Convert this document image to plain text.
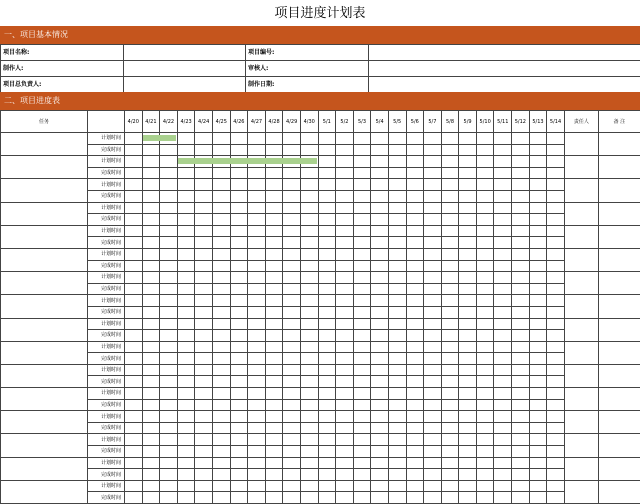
项目进度计划表
一、项目基本情况
项目名称:		项目编号:	
制作人:		审核人:	
项目总负责人:		制作日期:	
二、项目进度表
任务		4/20	4/21	4/22	4/23	4/24	4/25	4/26	4/27	4/28	4/29	4/30	5/1	5/2	5/3	5/4	5/5	5/6	5/7	5/8	5/9	5/10	5/11	5/12	5/13	5/14	责任人	备 注
	计划时间																											
	完成时间																											
	计划时间																											
	完成时间																											
	计划时间																											
	完成时间																											
	计划时间																											
	完成时间																											
	计划时间																											
	完成时间																											
	计划时间																											
	完成时间																											
	计划时间																											
	完成时间																											
	计划时间																											
	完成时间																											
	计划时间																											
	完成时间																											
	计划时间																											
	完成时间																											
	计划时间																											
	完成时间																											
	计划时间																											
	完成时间																											
	计划时间																											
	完成时间																											
	计划时间																											
	完成时间																											
	计划时间																											
	完成时间																											
	计划时间																											
	完成时间																											
